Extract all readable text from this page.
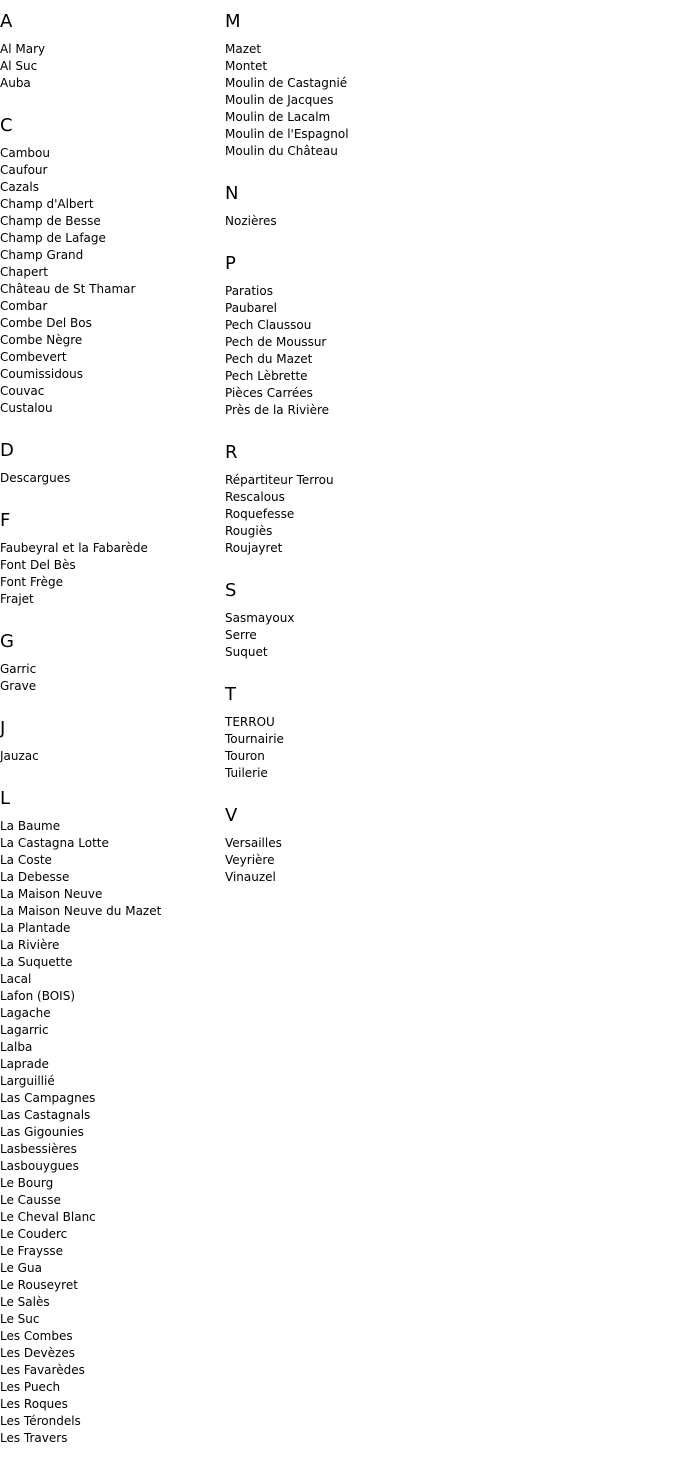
A
Al Mary
Al Suc
Auba
C
Cambou
Caufour
Cazals
Champ d'Albert
Champ de Besse
Champ de Lafage
Champ Grand
Chapert
Château de St Thamar
Combar
Combe Del Bos
Combe Nègre
Combevert
Coumissidous
Couvac
Custalou
D
Descargues
F
Faubeyral et la Fabarède
Font Del Bès
Font Frège
Frajet
G
Garric
Grave
J
Jauzac
L
La Baume
La Castagna Lotte
La Coste
La Debesse
La Maison Neuve
La Maison Neuve du Mazet
La Plantade
La Rivière
La Suquette
Lacal
Lafon (BOIS)
Lagache
Lagarric
Lalba
Laprade
Larguillié
Las Campagnes
Las Castagnals
Las Gigounies
Lasbessières
Lasbouygues
Le Bourg
Le Causse
Le Cheval Blanc
Le Couderc
Le Fraysse
Le Gua
Le Rouseyret
Le Salès
Le Suc
Les Combes
Les Devèzes
Les Favarèdes
Les Puech
Les Roques
Les Térondels
Les Travers
M
Mazet
Montet
Moulin de Castagnié
Moulin de Jacques
Moulin de Lacalm
Moulin de l'Espagnol
Moulin du Château
N
Nozières
P
Paratios
Paubarel
Pech Claussou
Pech de Moussur
Pech du Mazet
Pech Lèbrette
Pièces Carrées
Près de la Rivière
R
Répartiteur Terrou
Rescalous
Roquefesse
Rougiès
Roujayret
S
Sasmayoux
Serre
Suquet
T
TERROU
Tournairie
Touron
Tuilerie
V
Versailles
Veyrière
Vinauzel
